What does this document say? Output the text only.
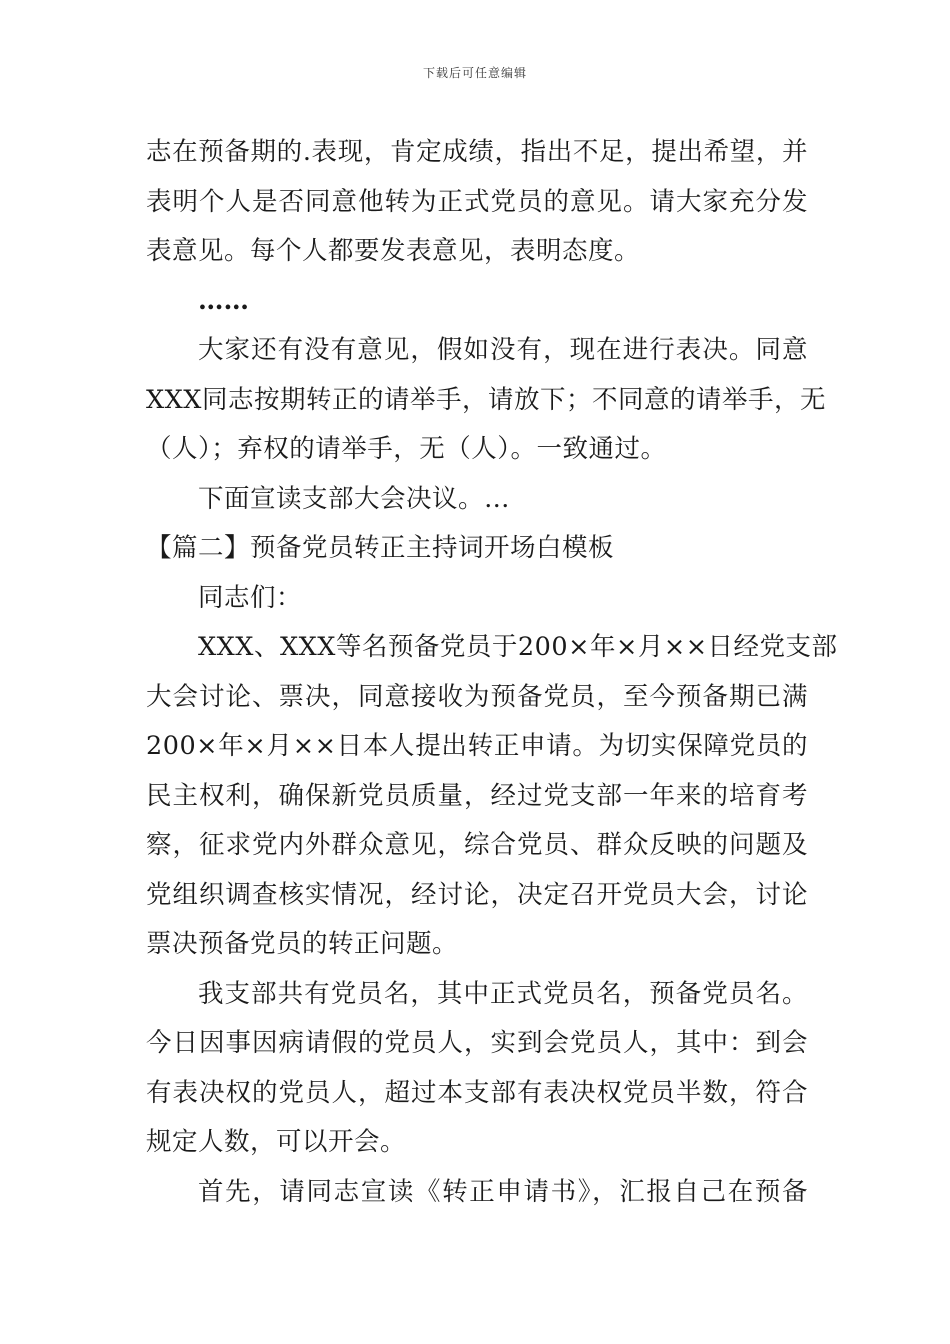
下载后可任意编辑
志在预备期的.表现，肯定成绩，指出不足，提出希望，并
表明个人是否同意他转为正式党员的意见。请大家充分发
表意见。每个人都要发表意见，表明态度。
……
大家还有没有意见，假如没有，现在进行表决。同意
XXX同志按期转正的请举手，请放下；不同意的请举手，无
（人）；弃权的请举手，无（人）。一致通过。
下面宣读支部大会决议。…
【篇二】预备党员转正主持词开场白模板
同志们：
XXX、XXX等名预备党员于200×年×月××日经党支部
大会讨论、票决，同意接收为预备党员，至今预备期已满
200×年×月××日本人提出转正申请。为切实保障党员的
民主权利，确保新党员质量，经过党支部一年来的培育考
察，征求党内外群众意见，综合党员、群众反映的问题及
党组织调查核实情况，经讨论，决定召开党员大会，讨论
票决预备党员的转正问题。
我支部共有党员名，其中正式党员名，预备党员名。
今日因事因病请假的党员人，实到会党员人，其中：到会
有表决权的党员人，超过本支部有表决权党员半数，符合
规定人数，可以开会。
首先，请同志宣读《转正申请书》，汇报自己在预备
